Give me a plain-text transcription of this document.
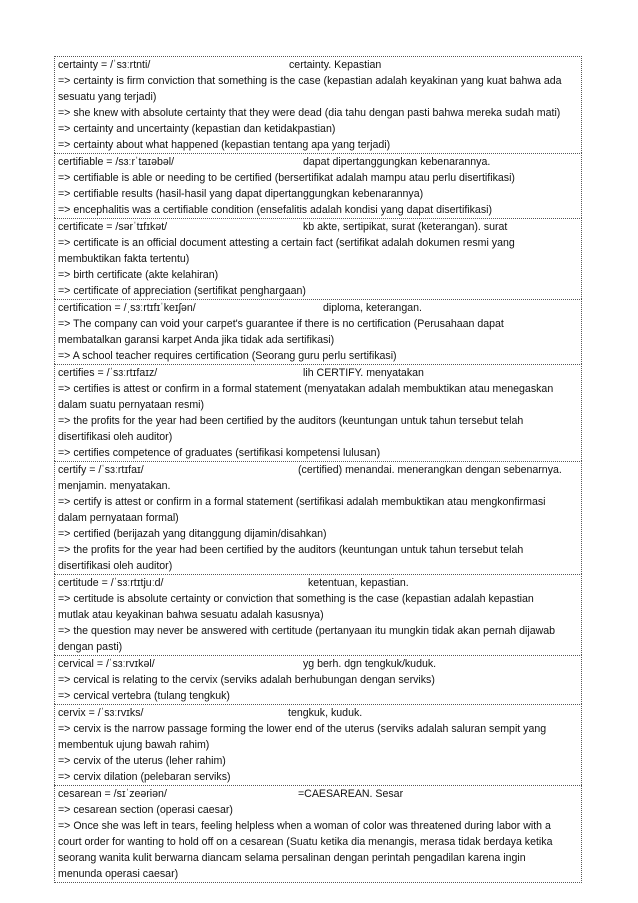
certainty = /ˈsɜːrtnti/	certainty. Kepastian
=> certainty is firm conviction that something is the case (kepastian adalah keyakinan yang kuat bahwa ada
sesuatu yang terjadi)
=> she knew with absolute certainty that they were dead (dia tahu dengan pasti bahwa mereka sudah mati)
=> certainty and uncertainty (kepastian dan ketidakpastian)
=> certainty about what happened (kepastian tentang apa yang terjadi)
certifiable = /sɜːrˈtaɪəbəl/	dapat dipertanggungkan kebenarannya.
=> certifiable is able or needing to be certified (bersertifikat adalah mampu atau perlu disertifikasi)
=> certifiable results (hasil-hasil yang dapat dipertanggungkan kebenarannya)
=> encephalitis was a certifiable condition (ensefalitis adalah kondisi yang dapat disertifikasi)
certificate = /sərˈtɪfɪkət/	kb akte, sertipikat, surat (keterangan). surat
=> certificate is an official document attesting a certain fact (sertifikat adalah dokumen resmi yang
membuktikan fakta tertentu)
=> birth certificate (akte kelahiran)
=> certificate of appreciation (sertifikat penghargaan)
certification = /ˌsɜːrtɪfɪˈkeɪʃən/	diploma, keterangan.
=> The company can void your carpet's guarantee if there is no certification (Perusahaan dapat
membatalkan garansi karpet Anda jika tidak ada sertifikasi)
=> A school teacher requires certification (Seorang guru perlu sertifikasi)
certifies = /ˈsɜːrtɪfaɪz/	lih CERTIFY. menyatakan
=> certifies is attest or confirm in a formal statement (menyatakan adalah membuktikan atau menegaskan
dalam suatu pernyataan resmi)
=> the profits for the year had been certified by the auditors (keuntungan untuk tahun tersebut telah
disertifikasi oleh auditor)
=> certifies competence of graduates (sertifikasi kompetensi lulusan)
certify = /ˈsɜːrtɪfaɪ/	(certified) menandai. menerangkan dengan sebenarnya.
menjamin. menyatakan.
=> certify is attest or confirm in a formal statement (sertifikasi adalah membuktikan atau mengkonfirmasi
dalam pernyataan formal)
=> certified (berijazah yang ditanggung dijamin/disahkan)
=> the profits for the year had been certified by the auditors (keuntungan untuk tahun tersebut telah
disertifikasi oleh auditor)
certitude = /ˈsɜːrtɪtjuːd/	ketentuan, kepastian.
=> certitude is absolute certainty or conviction that something is the case (kepastian adalah kepastian
mutlak atau keyakinan bahwa sesuatu adalah kasusnya)
=> the question may never be answered with certitude (pertanyaan itu mungkin tidak akan pernah dijawab
dengan pasti)
cervical = /ˈsɜːrvɪkəl/	yg berh. dgn tengkuk/kuduk.
=> cervical is relating to the cervix (serviks adalah berhubungan dengan serviks)
=> cervical vertebra (tulang tengkuk)
cervix = /ˈsɜːrvɪks/	tengkuk, kuduk.
=> cervix is the narrow passage forming the lower end of the uterus (serviks adalah saluran sempit yang
membentuk ujung bawah rahim)
=> cervix of the uterus (leher rahim)
=> cervix dilation (pelebaran serviks)
cesarean = /sɪˈzeəriən/	=CAESAREAN. Sesar
=> cesarean section (operasi caesar)
=> Once she was left in tears, feeling helpless when a woman of color was threatened during labor with a
court order for wanting to hold off on a cesarean (Suatu ketika dia menangis, merasa tidak berdaya ketika
seorang wanita kulit berwarna diancam selama persalinan dengan perintah pengadilan karena ingin
menunda operasi caesar)
